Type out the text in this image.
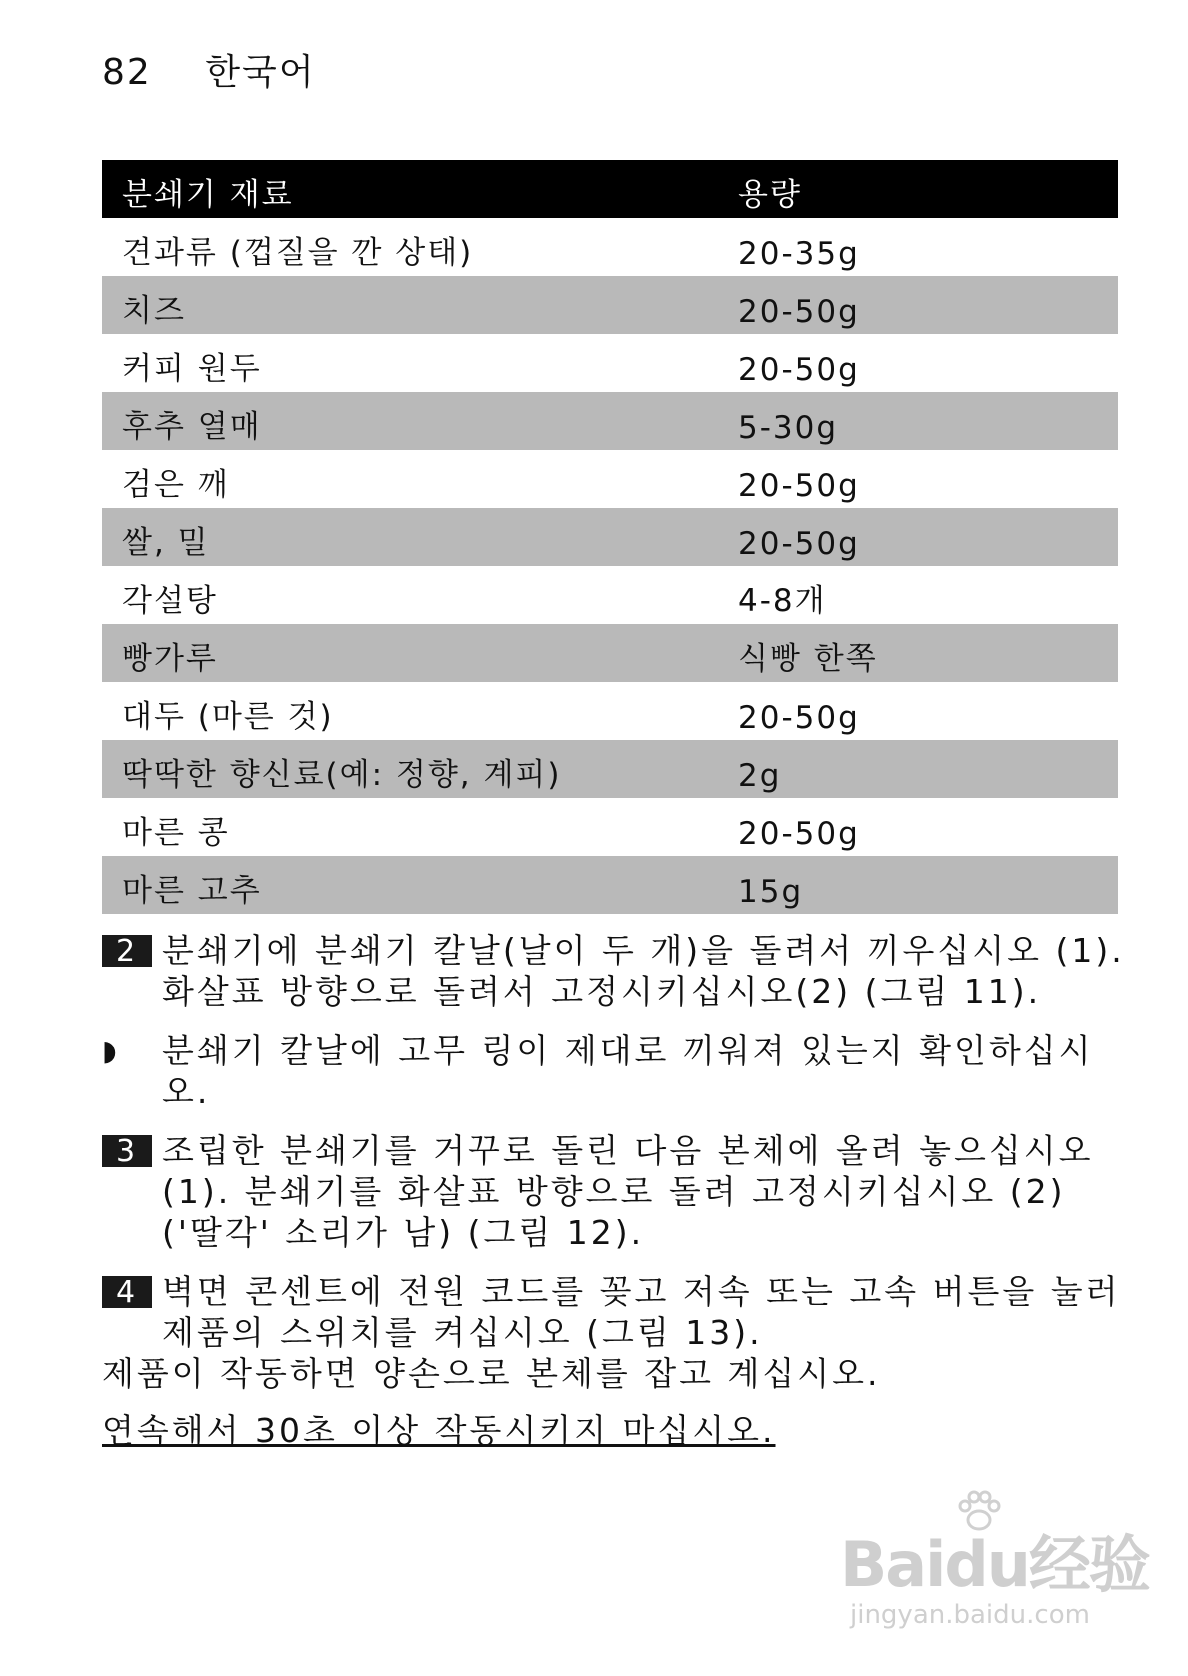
82 한국어
분쇄기 재료	용량
견과류 (껍질을 깐 상태)	20-35g
치즈	20-50g
커피 원두	20-50g
후추 열매	5-30g
검은 깨	20-50g
쌀, 밀	20-50g
각설탕	4-8개
빵가루	식빵 한쪽
대두 (마른 것)	20-50g
딱딱한 향신료(예: 정향, 계피)	2g
마른 콩	20-50g
마른 고추	15g
2 분쇄기에 분쇄기 칼날(날이 두 개)을 돌려서 끼우십시오 (1). 화살표 방향으로 돌려서 고정시키십시오(2) (그림 11).
◗ 분쇄기 칼날에 고무 링이 제대로 끼워져 있는지 확인하십시오.
3 조립한 분쇄기를 거꾸로 돌린 다음 본체에 올려 놓으십시오(1). 분쇄기를 화살표 방향으로 돌려 고정시키십시오 (2) ('딸각' 소리가 남) (그림 12).
4 벽면 콘센트에 전원 코드를 꽂고 저속 또는 고속 버튼을 눌러 제품의 스위치를 켜십시오 (그림 13).
제품이 작동하면 양손으로 본체를 잡고 계십시오.
연속해서 30초 이상 작동시키지 마십시오.
Baidu经验
jingyan.baidu.com
